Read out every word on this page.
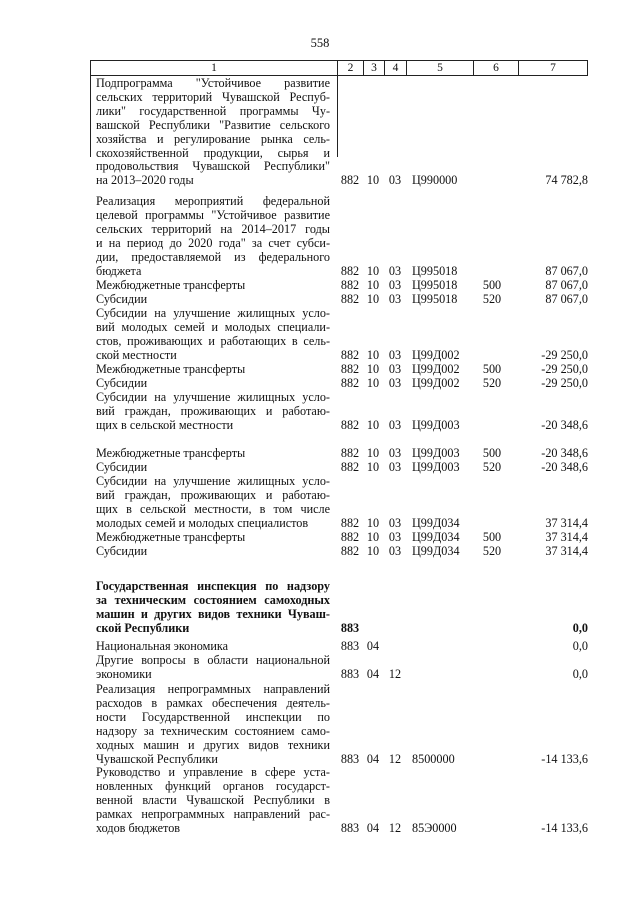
558
1	2	3	4	5	6	7
Подпрограмма "Устойчивое развитие
сельских территорий Чувашской Респуб-
лики" государственной программы Чу-
вашской Республики "Развитие сельского
хозяйства и регулирование рынка сель-
скохозяйственной продукции, сырья и
продовольствия Чувашской Республики"
на 2013–2020 годы	882 10 03 Ц990000	74 782,8
Реализация мероприятий федеральной
целевой программы "Устойчивое развитие
сельских территорий на 2014–2017 годы
и на период до 2020 года" за счет субси-
дии, предоставляемой из федерального
бюджета	882 10 03 Ц995018	87 067,0
Межбюджетные трансферты	882 10 03 Ц995018	500	87 067,0
Субсидии	882 10 03 Ц995018	520	87 067,0
Субсидии на улучшение жилищных усло-
вий молодых семей и молодых специали-
стов, проживающих и работающих в сель-
ской местности	882 10 03 Ц99Д002	-29 250,0
Межбюджетные трансферты	882 10 03 Ц99Д002	500	-29 250,0
Субсидии	882 10 03 Ц99Д002	520	-29 250,0
Субсидии на улучшение жилищных усло-
вий граждан, проживающих и работаю-
щих в сельской местности	882 10 03 Ц99Д003	-20 348,6
Межбюджетные трансферты	882 10 03 Ц99Д003	500	-20 348,6
Субсидии	882 10 03 Ц99Д003	520	-20 348,6
Субсидии на улучшение жилищных усло-
вий граждан, проживающих и работаю-
щих в сельской местности, в том числе
молодых семей и молодых специалистов	882 10 03 Ц99Д034	37 314,4
Межбюджетные трансферты	882 10 03 Ц99Д034	500	37 314,4
Субсидии	882 10 03 Ц99Д034	520	37 314,4
Государственная инспекция по надзору
за техническим состоянием самоходных
машин и других видов техники Чуваш-
ской Республики	883	0,0
Национальная экономика	883 04	0,0
Другие вопросы в области национальной
экономики	883 04 12	0,0
Реализация непрограммных направлений
расходов в рамках обеспечения деятель-
ности Государственной инспекции по
надзору за техническим состоянием само-
ходных машин и других видов техники
Чувашской Республики	883 04 12 8500000	-14 133,6
Руководство и управление в сфере уста-
новленных функций органов государст-
венной власти Чувашской Республики в
рамках непрограммных направлений рас-
ходов бюджетов	883 04 12 85Э0000	-14 133,6
